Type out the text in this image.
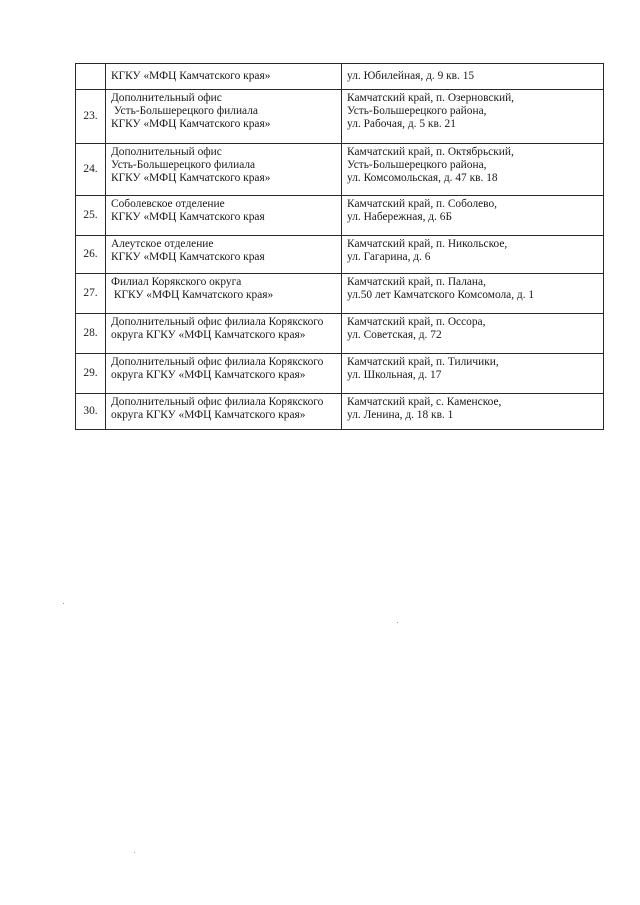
	КГКУ «МФЦ Камчатского края»	ул. Юбилейная, д. 9 кв. 15
23.	Дополнительный офис
Усть-Большерецкого филиала
КГКУ «МФЦ Камчатского края»	Камчатский край, п. Озерновский,
Усть-Большерецкого района,
ул. Рабочая, д. 5 кв. 21
24.	Дополнительный офис
Усть-Большерецкого филиала
КГКУ «МФЦ Камчатского края»	Камчатский край, п. Октябрьский,
Усть-Большерецкого района,
ул. Комсомольская, д. 47 кв. 18
25.	Соболевское отделение
КГКУ «МФЦ Камчатского края	Камчатский край, п. Соболево,
ул. Набережная, д. 6Б
26.	Алеутское отделение
КГКУ «МФЦ Камчатского края	Камчатский край, п. Никольское,
ул. Гагарина, д. 6
27.	Филиал Корякского округа
КГКУ «МФЦ Камчатского края»	Камчатский край, п. Палана,
ул.50 лет Камчатского Комсомола, д. 1
28.	Дополнительный офис филиала Корякского
округа КГКУ «МФЦ Камчатского края»	Камчатский край, п. Оссора,
ул. Советская, д. 72
29.	Дополнительный офис филиала Корякского
округа КГКУ «МФЦ Камчатского края»	Камчатский край, п. Тиличики,
ул. Школьная, д. 17
30.	Дополнительный офис филиала Корякского
округа КГКУ «МФЦ Камчатского края»	Камчатский край, с. Каменское,
ул. Ленина, д. 18 кв. 1
